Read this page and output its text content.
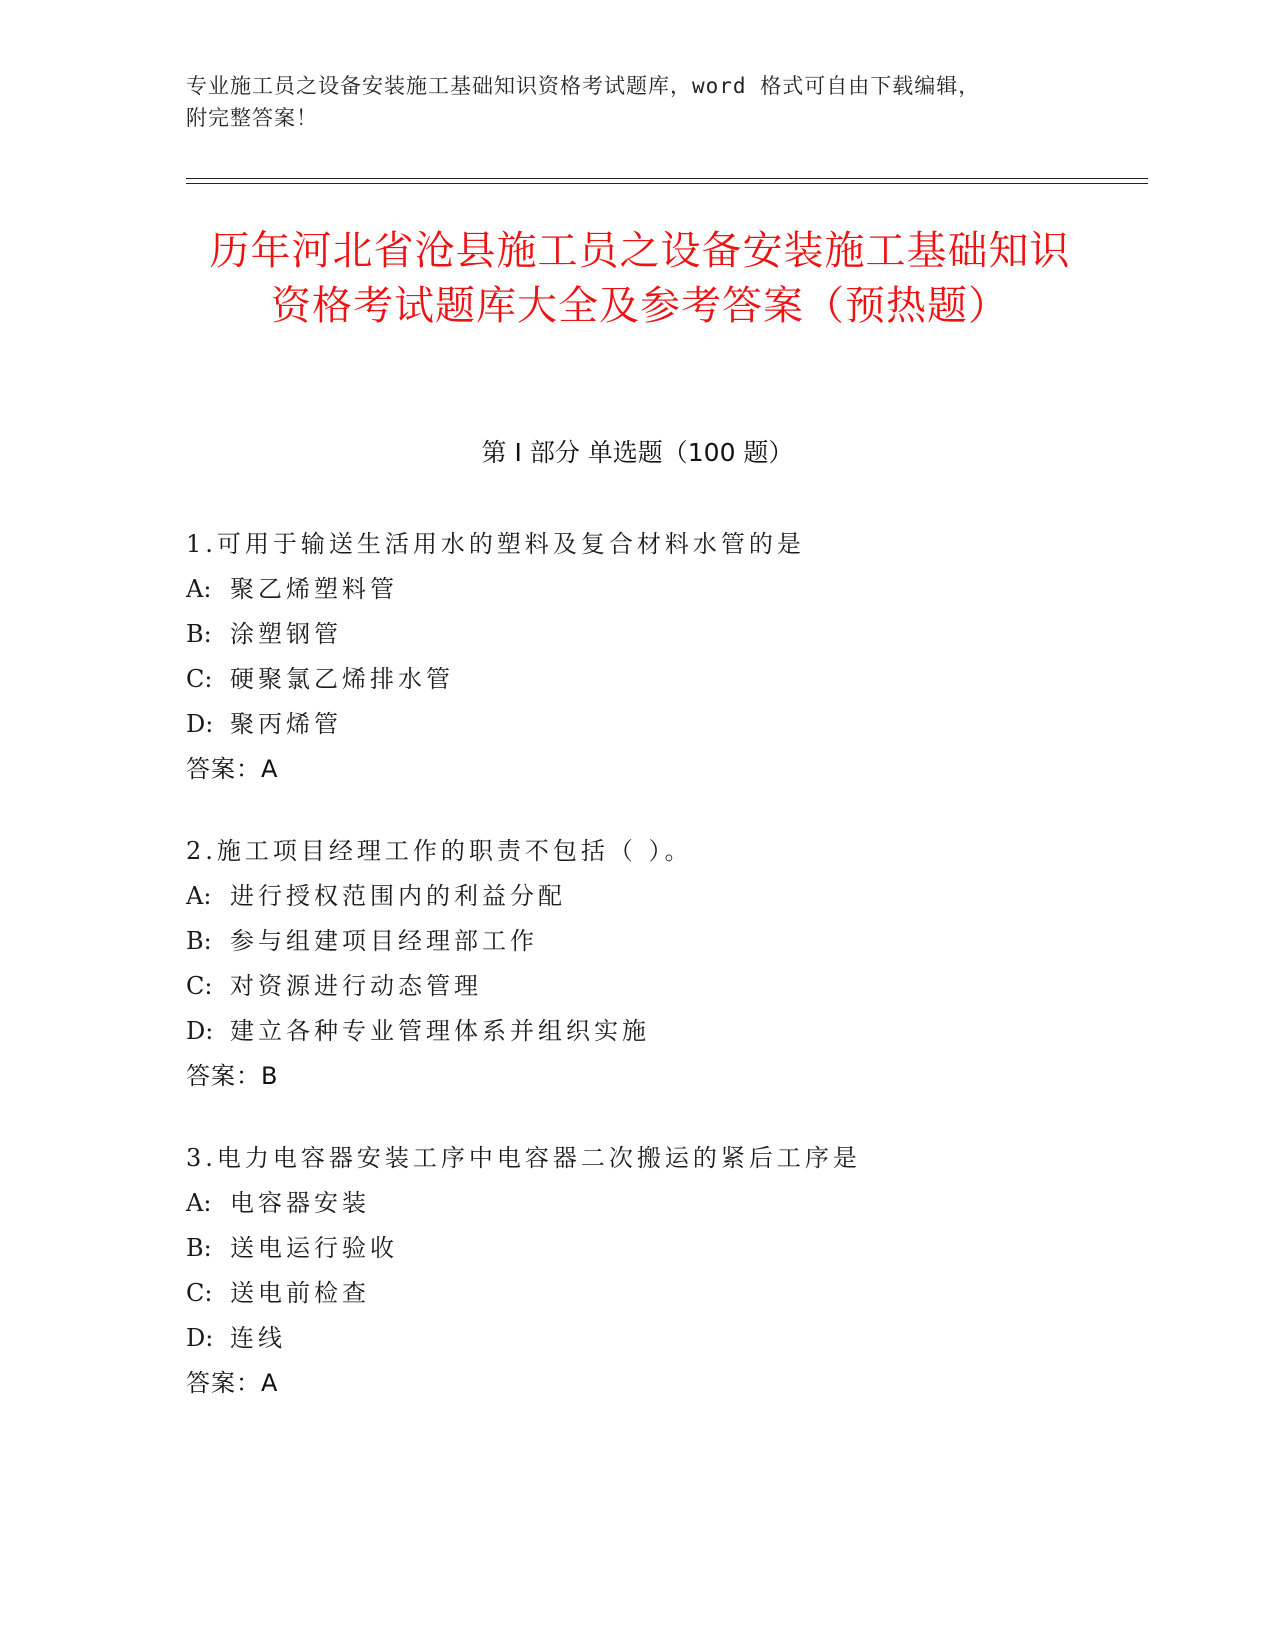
专业施工员之设备安装施工基础知识资格考试题库，word 格式可自由下载编辑，
附完整答案！
历年河北省沧县施工员之设备安装施工基础知识资格考试题库大全及参考答案（预热题）
第 I 部分 单选题（100 题）
1.可用于输送生活用水的塑料及复合材料水管的是
A: 聚乙烯塑料管
B: 涂塑钢管
C: 硬聚氯乙烯排水管
D: 聚丙烯管
答案：A
2.施工项目经理工作的职责不包括（ ）。
A: 进行授权范围内的利益分配
B: 参与组建项目经理部工作
C: 对资源进行动态管理
D: 建立各种专业管理体系并组织实施
答案：B
3.电力电容器安装工序中电容器二次搬运的紧后工序是
A: 电容器安装
B: 送电运行验收
C: 送电前检查
D: 连线
答案：A
